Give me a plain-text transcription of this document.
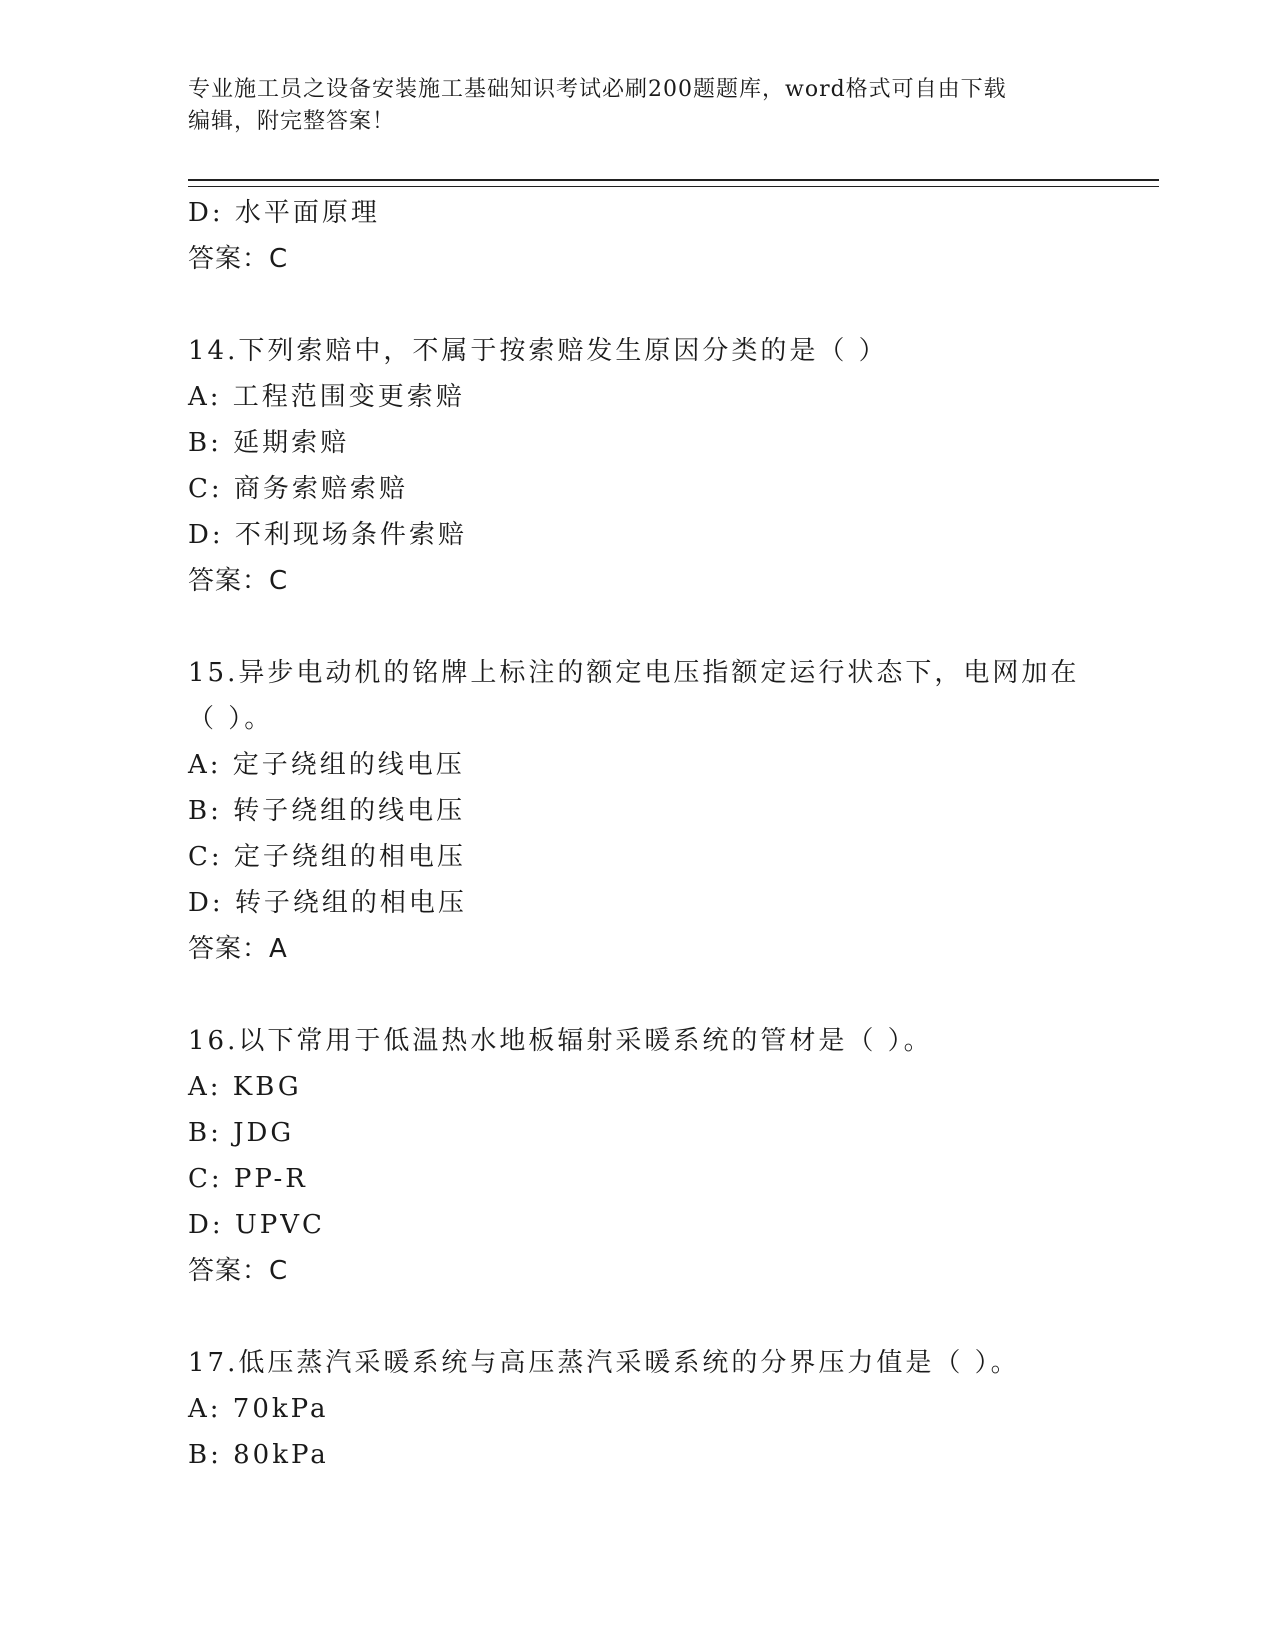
专业施工员之设备安装施工基础知识考试必刷200题题库，word格式可自由下载
编辑，附完整答案！
D: 水平面原理
答案：C
14.下列索赔中，不属于按索赔发生原因分类的是（ ）
A: 工程范围变更索赔
B: 延期索赔
C: 商务索赔索赔
D: 不利现场条件索赔
答案：C
15.异步电动机的铭牌上标注的额定电压指额定运行状态下，电网加在
（ ）。
A: 定子绕组的线电压
B: 转子绕组的线电压
C: 定子绕组的相电压
D: 转子绕组的相电压
答案：A
16.以下常用于低温热水地板辐射采暖系统的管材是（ ）。
A: KBG
B: JDG
C: PP-R
D: UPVC
答案：C
17.低压蒸汽采暖系统与高压蒸汽采暖系统的分界压力值是（ ）。
A: 70kPa
B: 80kPa
